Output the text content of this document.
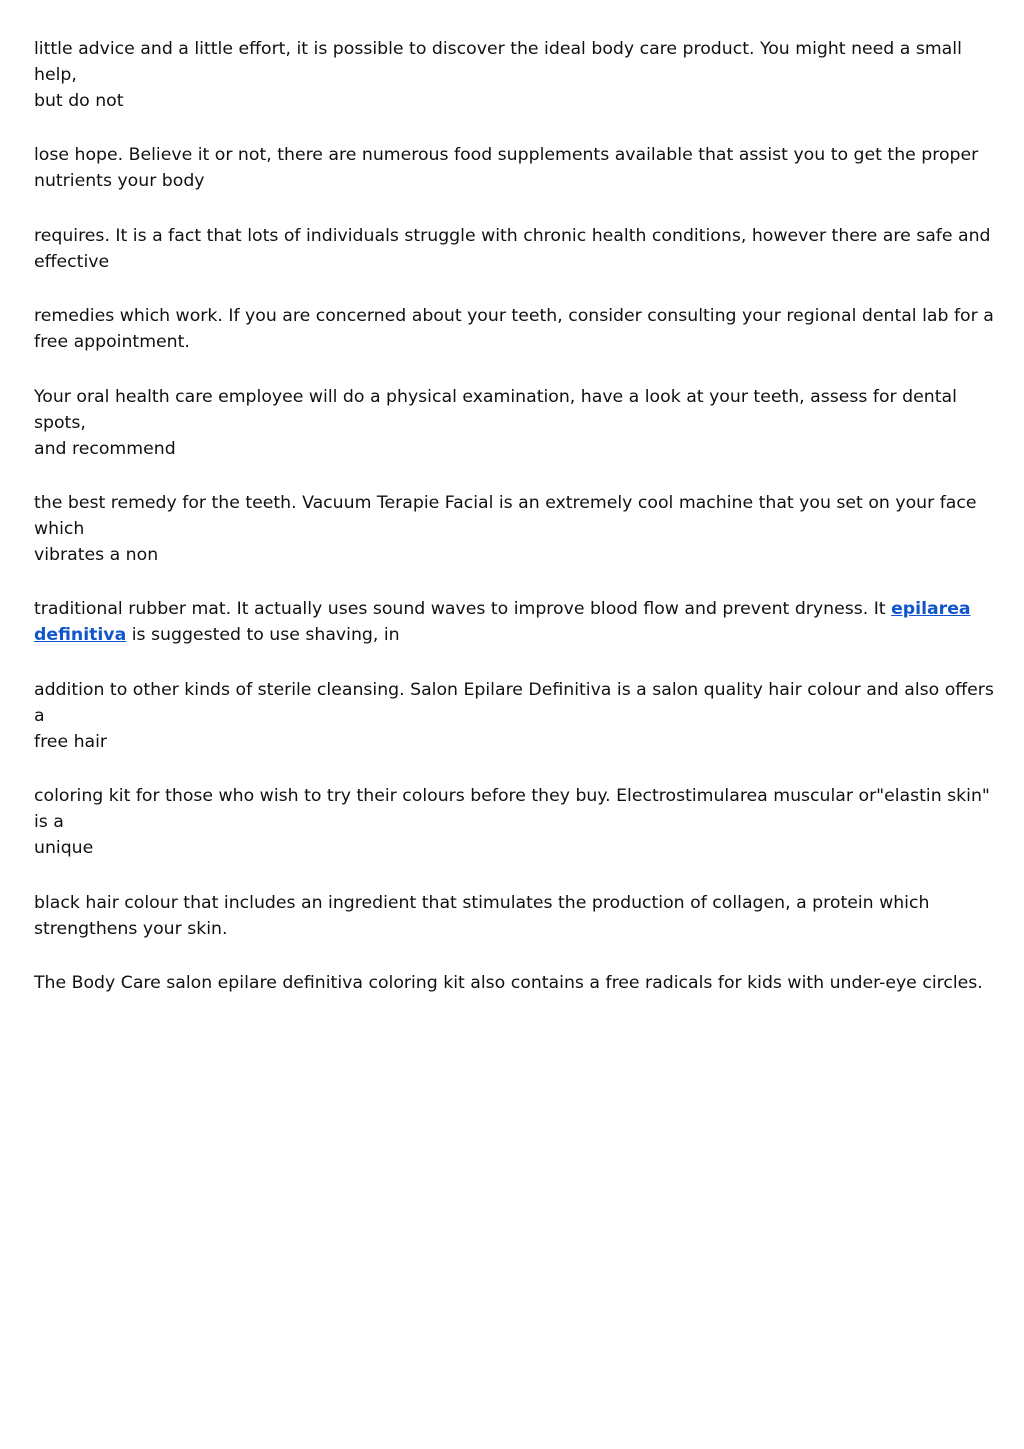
little advice and a little effort, it is possible to discover the ideal body care product. You might need a small help,
but do not

lose hope. Believe it or not, there are numerous food supplements available that assist you to get the proper
nutrients your body

requires. It is a fact that lots of individuals struggle with chronic health conditions, however there are safe and
effective

remedies which work. If you are concerned about your teeth, consider consulting your regional dental lab for a
free appointment.

Your oral health care employee will do a physical examination, have a look at your teeth, assess for dental spots,
and recommend

the best remedy for the teeth. Vacuum Terapie Facial is an extremely cool machine that you set on your face which
vibrates a non

traditional rubber mat. It actually uses sound waves to improve blood flow and prevent dryness. It epilarea
definitiva is suggested to use shaving, in

addition to other kinds of sterile cleansing. Salon Epilare Definitiva is a salon quality hair colour and also offers a
free hair

coloring kit for those who wish to try their colours before they buy. Electrostimularea muscular or"elastin skin" is a
unique

black hair colour that includes an ingredient that stimulates the production of collagen, a protein which
strengthens your skin.

The Body Care salon epilare definitiva coloring kit also contains a free radicals for kids with under-eye circles.
